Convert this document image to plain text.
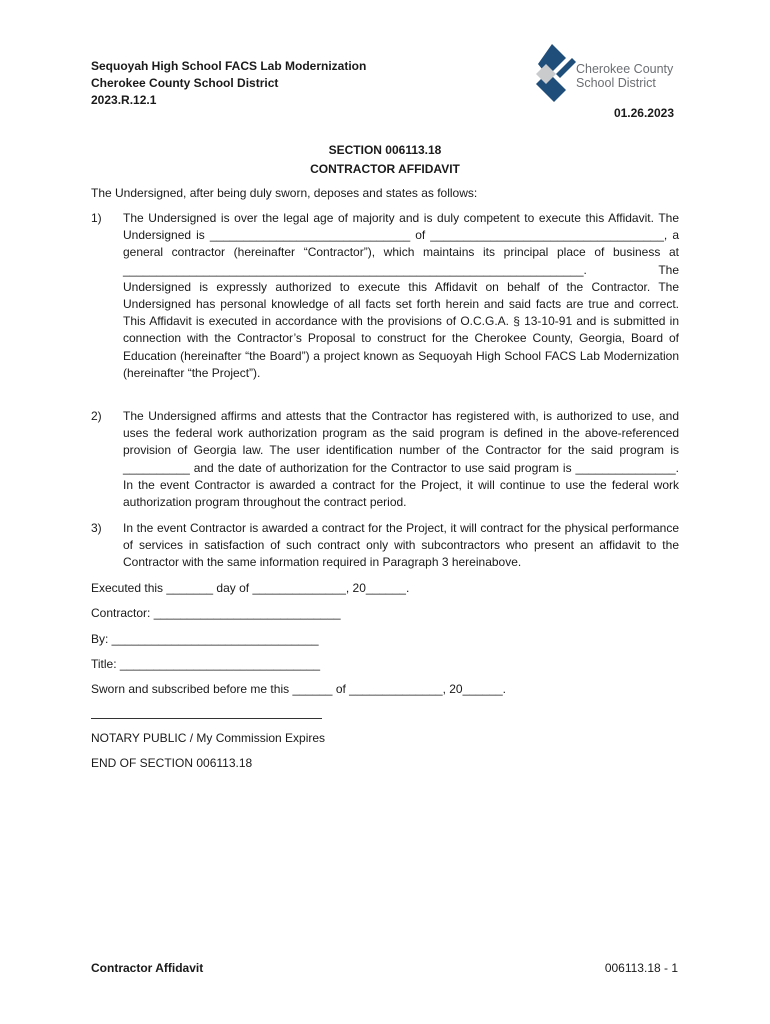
Sequoyah High School FACS Lab Modernization
Cherokee County School District
2023.R.12.1
Cherokee County
School District
01.26.2023
SECTION 006113.18
CONTRACTOR AFFIDAVIT
The Undersigned, after being duly sworn, deposes and states as follows:
1)	The Undersigned is over the legal age of majority and is duly competent to execute this Affidavit. The Undersigned is ______________________________ of ___________________________________, a general contractor (hereinafter “Contractor”), which maintains its principal place of business at _____________________________________________________________________. The Undersigned is expressly authorized to execute this Affidavit on behalf of the Contractor. The Undersigned has personal knowledge of all facts set forth herein and said facts are true and correct. This Affidavit is executed in accordance with the provisions of O.C.G.A. § 13-10-91 and is submitted in connection with the Contractor’s Proposal to construct for the Cherokee County, Georgia, Board of Education (hereinafter “the Board”) a project known as Sequoyah High School FACS Lab Modernization (hereinafter “the Project”).
2)	The Undersigned affirms and attests that the Contractor has registered with, is authorized to use, and uses the federal work authorization program as the said program is defined in the above-referenced provision of Georgia law. The user identification number of the Contractor for the said program is __________ and the date of authorization for the Contractor to use said program is _______________. In the event Contractor is awarded a contract for the Project, it will continue to use the federal work authorization program throughout the contract period.
3)	In the event Contractor is awarded a contract for the Project, it will contract for the physical performance of services in satisfaction of such contract only with subcontractors who present an affidavit to the Contractor with the same information required in Paragraph 3 hereinabove.
Executed this _______ day of ______________, 20______.
Contractor: ____________________________
By: _______________________________
Title: ______________________________
Sworn and subscribed before me this ______ of ______________, 20______.
NOTARY PUBLIC / My Commission Expires
END OF SECTION 006113.18
Contractor Affidavit	006113.18 - 1
